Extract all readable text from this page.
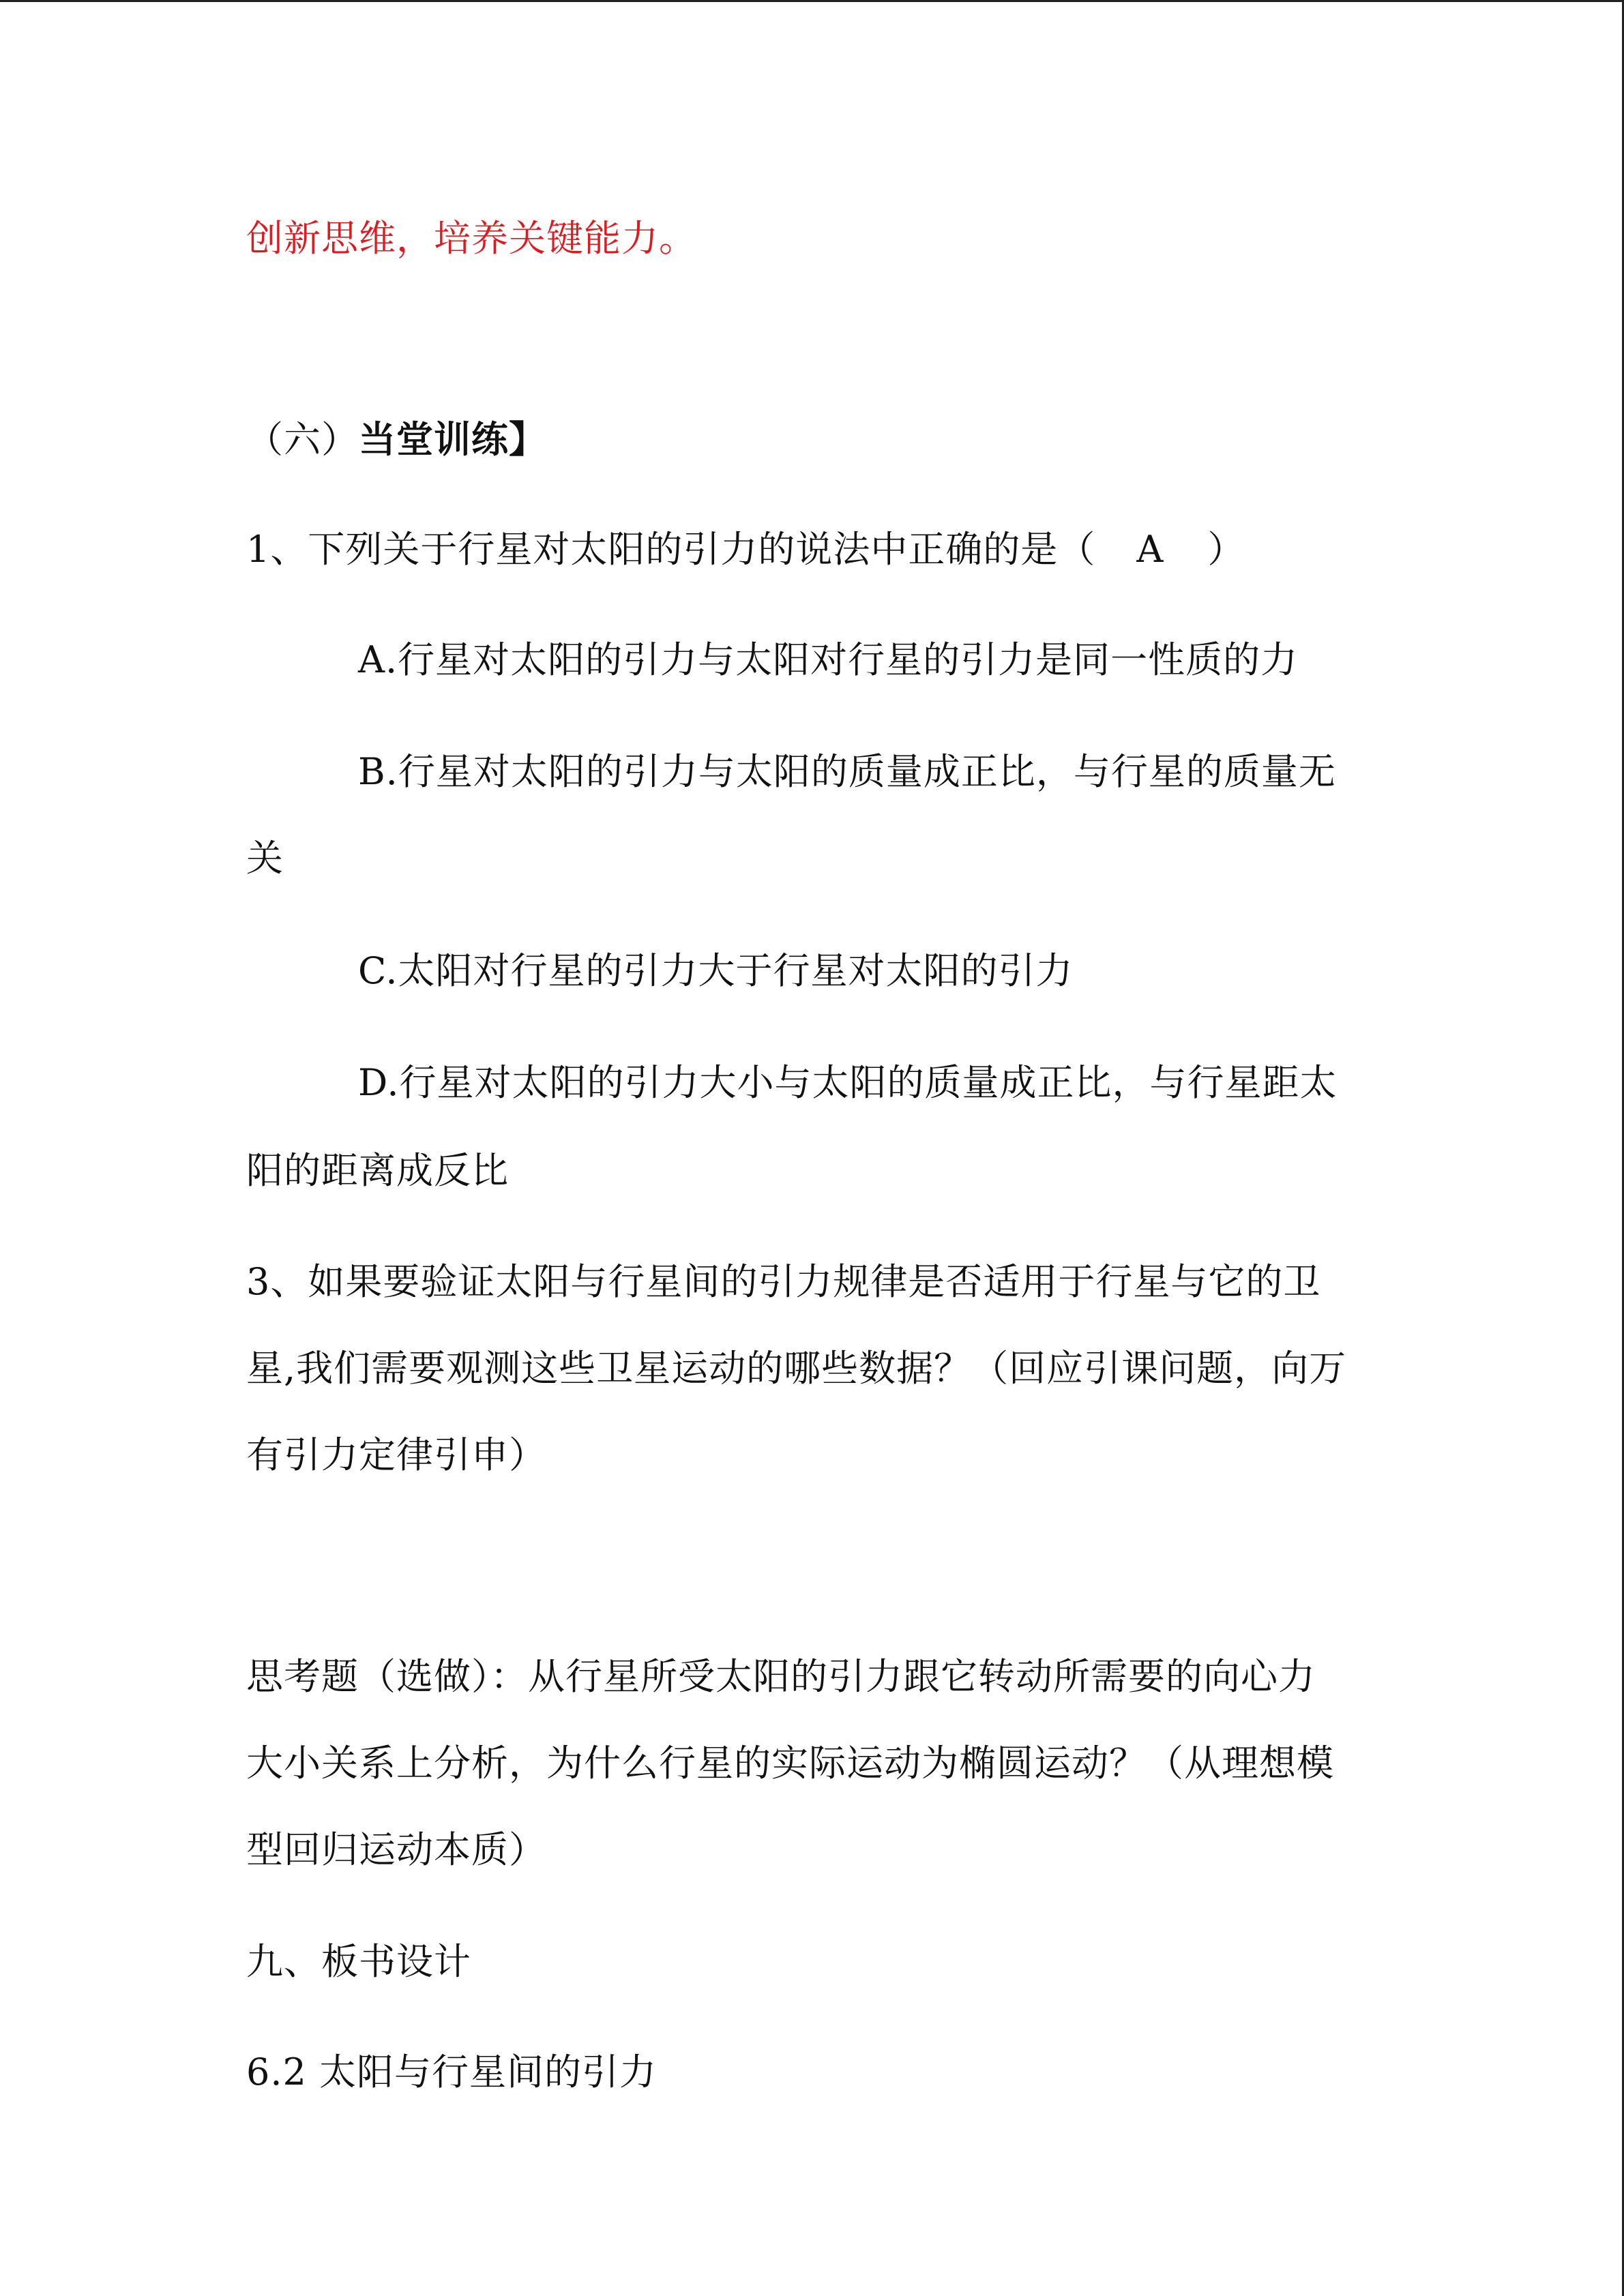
创新思维，培养关键能力。
（六）当堂训练】
1、下列关于行星对太阳的引力的说法中正确的是（ A ）
A.行星对太阳的引力与太阳对行星的引力是同一性质的力
B.行星对太阳的引力与太阳的质量成正比，与行星的质量无
关
C.太阳对行星的引力大于行星对太阳的引力
D.行星对太阳的引力大小与太阳的质量成正比，与行星距太
阳的距离成反比
3、如果要验证太阳与行星间的引力规律是否适用于行星与它的卫
星,我们需要观测这些卫星运动的哪些数据？（回应引课问题，向万
有引力定律引申）
思考题（选做）：从行星所受太阳的引力跟它转动所需要的向心力
大小关系上分析，为什么行星的实际运动为椭圆运动？（从理想模
型回归运动本质）
九、板书设计
6.2 太阳与行星间的引力
